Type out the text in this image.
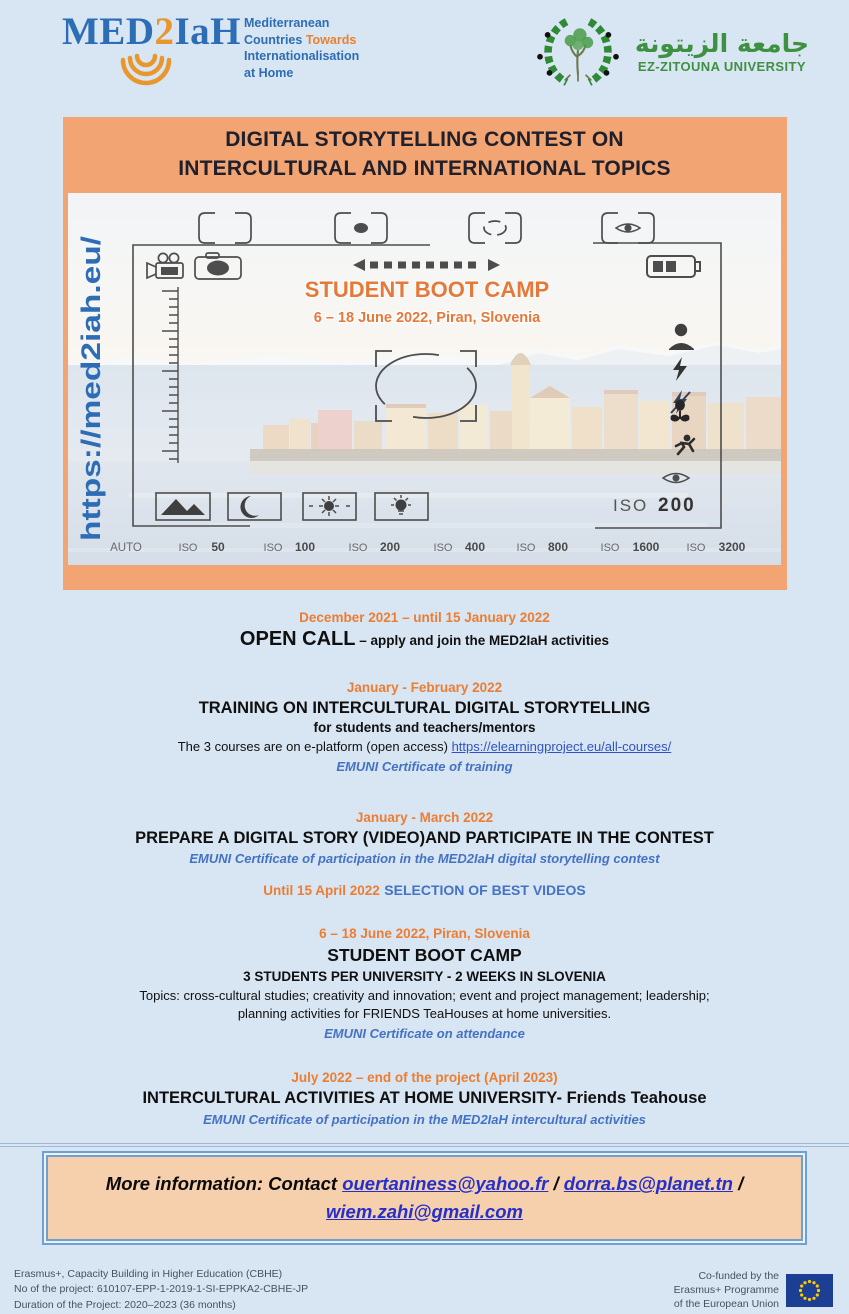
MED2IaH Mediterranean
Countries Towards
Internationalisation
at Home
جامعة الزيتونة
EZ-ZITOUNA UNIVERSITY
DIGITAL STORYTELLING CONTEST ON
INTERCULTURAL AND INTERNATIONAL TOPICS
https://med2iah.eu/
STUDENT BOOT CAMP
6 – 18 June 2022, Piran, Slovenia
ISO 200
AUTO	ISO 50	ISO 100	ISO 200	ISO 400	ISO 800	ISO 1600 ISO 3200
December 2021 – until 15 January 2022
OPEN CALL – apply and join the MED2IaH activities
January - February 2022
TRAINING ON INTERCULTURAL DIGITAL STORYTELLING
for students and teachers/mentors
The 3 courses are on e-platform (open access) https://elearningproject.eu/all-courses/
EMUNI Certificate of training
January - March 2022
PREPARE A DIGITAL STORY (VIDEO)AND PARTICIPATE IN THE CONTEST
EMUNI Certificate of participation in the MED2IaH digital storytelling contest
Until 15 April 2022 SELECTION OF BEST VIDEOS
6 – 18 June 2022, Piran, Slovenia
STUDENT BOOT CAMP
3 STUDENTS PER UNIVERSITY - 2 WEEKS IN SLOVENIA
Topics: cross-cultural studies; creativity and innovation; event and project management; leadership;
planning activities for FRIENDS TeaHouses at home universities.
EMUNI Certificate on attendance
July 2022 – end of the project (April 2023)
INTERCULTURAL ACTIVITIES AT HOME UNIVERSITY- Friends Teahouse
EMUNI Certificate of participation in the MED2IaH intercultural activities
More information: Contact ouertaniness@yahoo.fr / dorra.bs@planet.tn /
wiem.zahi@gmail.com
Erasmus+, Capacity Building in Higher Education (CBHE)
No of the project: 610107-EPP-1-2019-1-SI-EPPKA2-CBHE-JP
Duration of the Project: 2020–2023 (36 months)
Co-funded by the
Erasmus+ Programme
of the European Union
